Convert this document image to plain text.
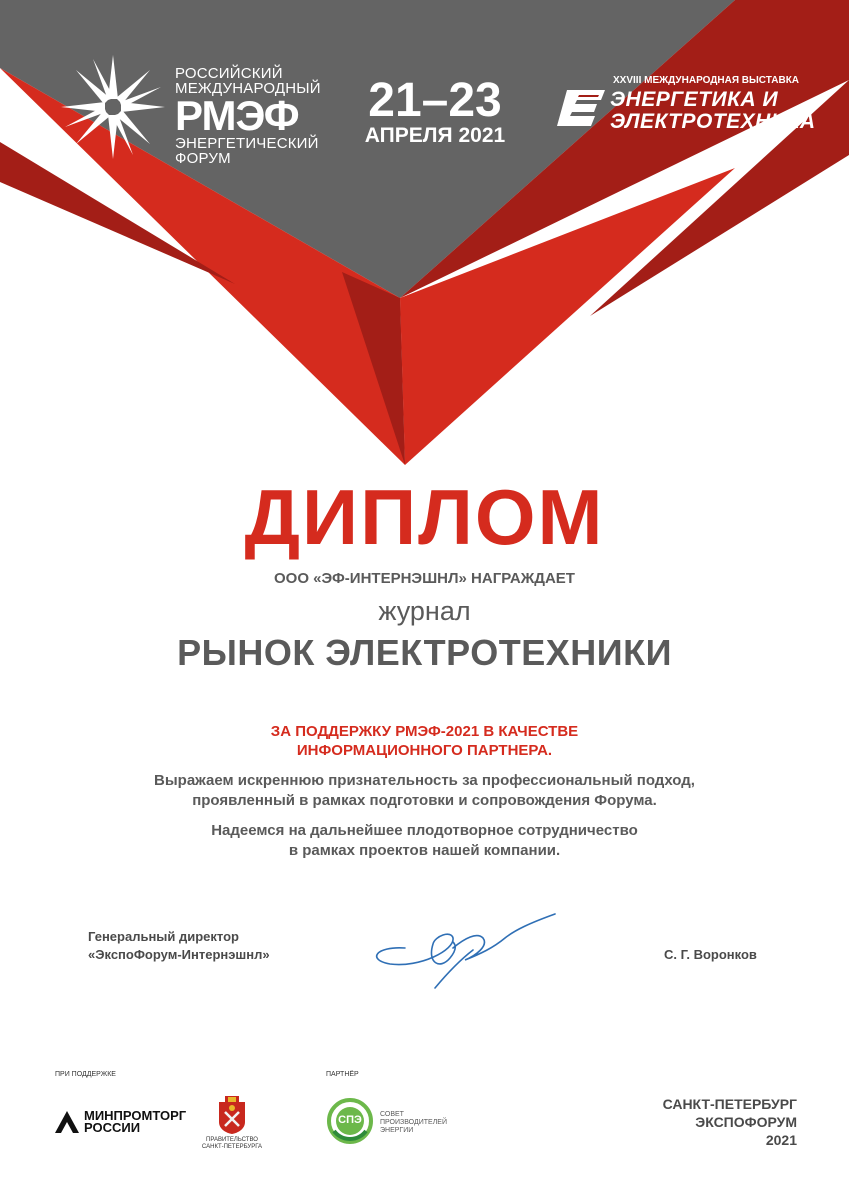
РОССИЙСКИЙ
МЕЖДУНАРОДНЫЙ
РМЭФ
ЭНЕРГЕТИЧЕСКИЙ
ФОРУМ
21–23
АПРЕЛЯ 2021
XXVIII МЕЖДУНАРОДНАЯ ВЫСТАВКА
ЭНЕРГЕТИКА И
ЭЛЕКТРОТЕХНИКА
ДИПЛОМ
ООО «ЭФ-ИНТЕРНЭШНЛ» НАГРАЖДАЕТ
журнал
РЫНОК ЭЛЕКТРОТЕХНИКИ
ЗА ПОДДЕРЖКУ РМЭФ-2021 В КАЧЕСТВЕ
ИНФОРМАЦИОННОГО ПАРТНЕРА.
Выражаем искреннюю признательность за профессиональный подход,
проявленный в рамках подготовки и сопровождения Форума.
Надеемся на дальнейшее плодотворное сотрудничество
в рамках проектов нашей компании.
Генеральный директор
«ЭкспоФорум-Интернэшнл»	С. Г. Воронков
ПРИ ПОДДЕРЖКЕ	ПАРТНЁР
МИНПРОМТОРГ
РОССИИ
ПРАВИТЕЛЬСТВО
САНКТ-ПЕТЕРБУРГА
СПЭ	СОВЕТ
ПРОИЗВОДИТЕЛЕЙ
ЭНЕРГИИ
САНКТ-ПЕТЕРБУРГ
ЭКСПОФОРУМ
2021
